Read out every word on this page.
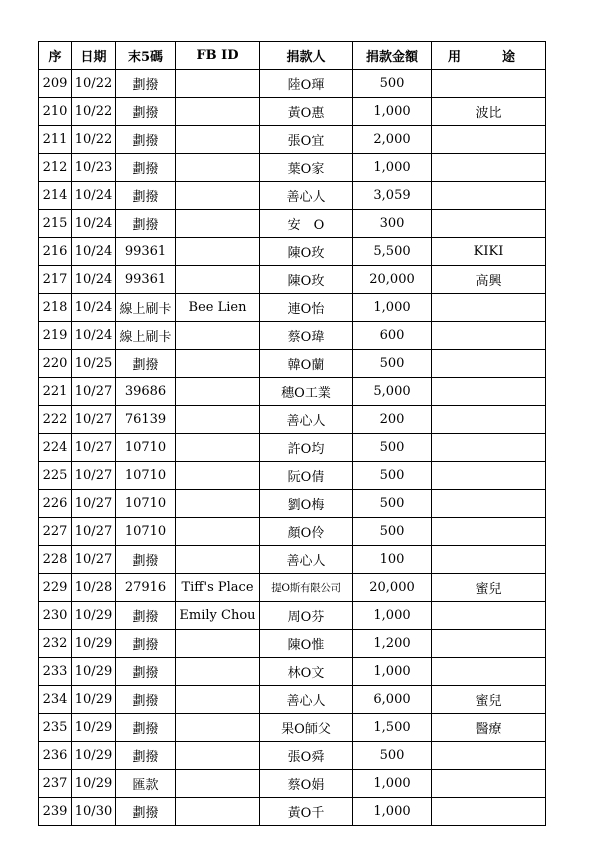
序	日期	末5碼	FB ID	捐款人	捐款金額	用　途
209	10/22	劃撥		陸O琿	500	
210	10/22	劃撥		黃O惠	1,000	波比
211	10/22	劃撥		張O宜	2,000	
212	10/23	劃撥		葉O家	1,000	
214	10/24	劃撥		善心人	3,059	
215	10/24	劃撥		安　O	300	
216	10/24	99361		陳O玫	5,500	KIKI
217	10/24	99361		陳O玫	20,000	高興
218	10/24	線上刷卡	Bee Lien	連O怡	1,000	
219	10/24	線上刷卡		蔡O瑋	600	
220	10/25	劃撥		韓O蘭	500	
221	10/27	39686		穗O工業	5,000	
222	10/27	76139		善心人	200	
224	10/27	10710		許O均	500	
225	10/27	10710		阮O倩	500	
226	10/27	10710		劉O梅	500	
227	10/27	10710		顏O伶	500	
228	10/27	劃撥		善心人	100	
229	10/28	27916	Tiff's Place	提O斯有限公司	20,000	蜜兒
230	10/29	劃撥	Emily Chou	周O芬	1,000	
232	10/29	劃撥		陳O惟	1,200	
233	10/29	劃撥		林O文	1,000	
234	10/29	劃撥		善心人	6,000	蜜兒
235	10/29	劃撥		果O師父	1,500	醫療
236	10/29	劃撥		張O舜	500	
237	10/29	匯款		蔡O娟	1,000	
239	10/30	劃撥		黃O千	1,000	
